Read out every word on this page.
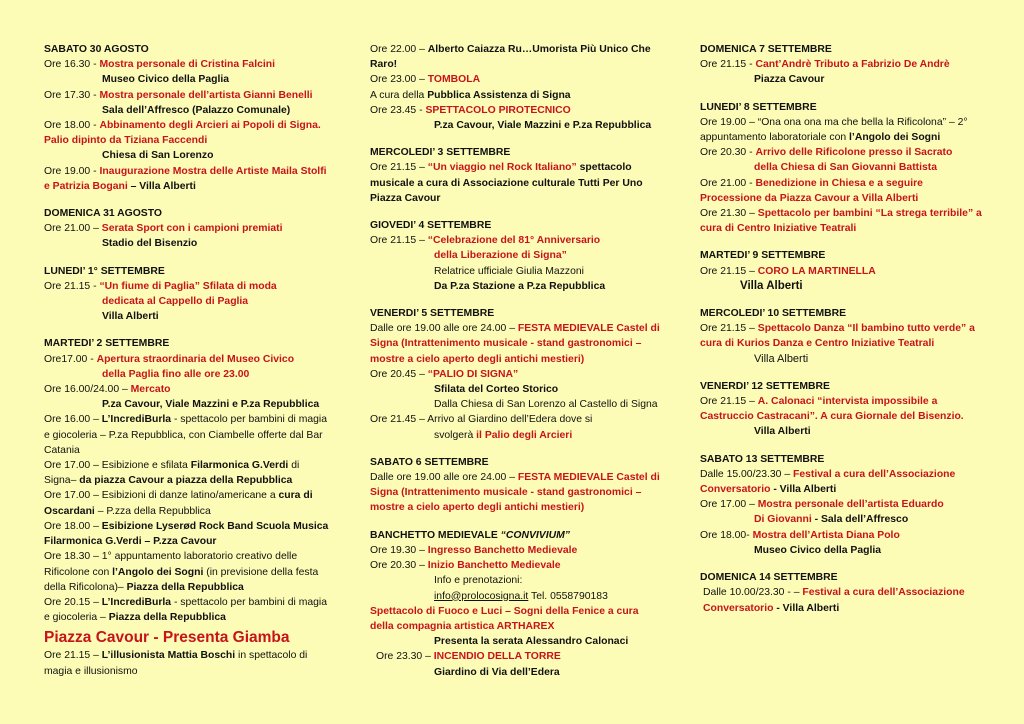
SABATO 30 AGOSTO
Ore 16.30 - Mostra personale di Cristina Falcini
Museo Civico della Paglia
Ore 17.30 - Mostra personale dell’artista Gianni Benelli
Sala dell’Affresco (Palazzo Comunale)
Ore 18.00 - Abbinamento degli Arcieri ai Popoli di Signa. Palio dipinto da Tiziana Faccendi
Chiesa di San Lorenzo
Ore 19.00 - Inaugurazione Mostra delle Artiste Maila Stolfi e Patrizia Bogani – Villa Alberti
DOMENICA 31 AGOSTO
Ore 21.00 – Serata Sport con i campioni premiati
Stadio del Bisenzio
LUNEDI’ 1° SETTEMBRE
Ore 21.15 - “Un fiume di Paglia” Sfilata di moda
dedicata al Cappello di Paglia
Villa Alberti
MARTEDI’ 2 SETTEMBRE
Ore17.00 - Apertura straordinaria del Museo Civico
della Paglia fino alle ore 23.00
Ore 16.00/24.00 – Mercato
P.za Cavour, Viale Mazzini e P.za Repubblica
Ore 16.00 – L’IncrediBurla - spettacolo per bambini di magia e giocoleria – P.za Repubblica, con Ciambelle offerte dal Bar Catania
Ore 17.00 – Esibizione e sfilata Filarmonica G.Verdi di Signa– da piazza Cavour a piazza della Repubblica
Ore 17.00 – Esibizioni di danze latino/americane a cura di Oscardani – P.zza della Repubblica
Ore 18.00 – Esibizione Lyserød Rock Band Scuola Musica Filarmonica G.Verdi – P.zza Cavour
Ore 18.30 – 1° appuntamento laboratorio creativo delle Rificolone con l’Angolo dei Sogni (in previsione della festa della Rificolona)– Piazza della Repubblica
Ore 20.15 – L’IncrediBurla - spettacolo per bambini di magia e giocoleria – Piazza della Repubblica
Piazza Cavour - Presenta Giamba
Ore 21.15 – L’illusionista Mattia Boschi in spettacolo di magia e illusionismo
Ore 22.00 – Alberto Caiazza Ru…Umorista Più Unico Che Raro!
Ore 23.00 – TOMBOLA
A cura della Pubblica Assistenza di Signa
Ore 23.45 - SPETTACOLO PIROTECNICO
P.za Cavour, Viale Mazzini e P.za Repubblica
MERCOLEDI’ 3 SETTEMBRE
Ore 21.15 – “Un viaggio nel Rock Italiano” spettacolo musicale a cura di Associazione culturale Tutti Per Uno Piazza Cavour
GIOVEDI’ 4 SETTEMBRE
Ore 21.15 – “Celebrazione del 81° Anniversario
della Liberazione di Signa”
Relatrice ufficiale Giulia Mazzoni
Da P.za Stazione a P.za Repubblica
VENERDI’ 5 SETTEMBRE
Dalle ore 19.00 alle ore 24.00 – FESTA MEDIEVALE Castel di Signa (Intrattenimento musicale - stand gastronomici – mostre a cielo aperto degli antichi mestieri)
Ore 20.45 – “PALIO DI SIGNA”
Sfilata del Corteo Storico
Dalla Chiesa di San Lorenzo al Castello di Signa
Ore 21.45 – Arrivo al Giardino dell’Edera dove si
svolgerà il Palio degli Arcieri
SABATO 6 SETTEMBRE
Dalle ore 19.00 alle ore 24.00 – FESTA MEDIEVALE Castel di Signa (Intrattenimento musicale - stand gastronomici – mostre a cielo aperto degli antichi mestieri)
BANCHETTO MEDIEVALE “CONVIVIUM”
Ore 19.30 – Ingresso Banchetto Medievale
Ore 20.30 – Inizio Banchetto Medievale
Info e prenotazioni:
info@prolocosigna.it Tel. 0558790183
Spettacolo di Fuoco e Luci – Sogni della Fenice a cura della compagnia artistica ARTHAREX
Presenta la serata Alessandro Calonaci
Ore 23.30 – INCENDIO DELLA TORRE
Giardino di Via dell’Edera
DOMENICA 7 SETTEMBRE
Ore 21.15 - Cant’Andrè Tributo a Fabrizio De Andrè
Piazza Cavour
LUNEDI’ 8 SETTEMBRE
Ore 19.00 – “Ona ona ona ma che bella la Rificolona” – 2° appuntamento laboratoriale con l’Angolo dei Sogni
Ore 20.30 - Arrivo delle Rificolone presso il Sacrato
della Chiesa di San Giovanni Battista
Ore 21.00 - Benedizione in Chiesa e a seguire Processione da Piazza Cavour a Villa Alberti
Ore 21.30 – Spettacolo per bambini “La strega terribile” a cura di Centro Iniziative Teatrali
MARTEDI’ 9 SETTEMBRE
Ore 21.15 – CORO LA MARTINELLA
Villa Alberti
MERCOLEDI’ 10 SETTEMBRE
Ore 21.15 – Spettacolo Danza “Il bambino tutto verde” a cura di Kurios Danza e Centro Iniziative Teatrali
Villa Alberti
VENERDI’ 12 SETTEMBRE
Ore 21.15 – A. Calonaci “intervista impossibile a Castruccio Castracani”. A cura Giornale del Bisenzio.
Villa Alberti
SABATO 13 SETTEMBRE
Dalle 15.00/23.30 – Festival a cura dell’Associazione Conversatorio - Villa Alberti
Ore 17.00 – Mostra personale dell’artista Eduardo
Di Giovanni - Sala dell’Affresco
Ore 18.00- Mostra dell’Artista Diana Polo
Museo Civico della Paglia
DOMENICA 14 SETTEMBRE
Dalle 10.00/23.30 - – Festival a cura dell’Associazione Conversatorio - Villa Alberti
